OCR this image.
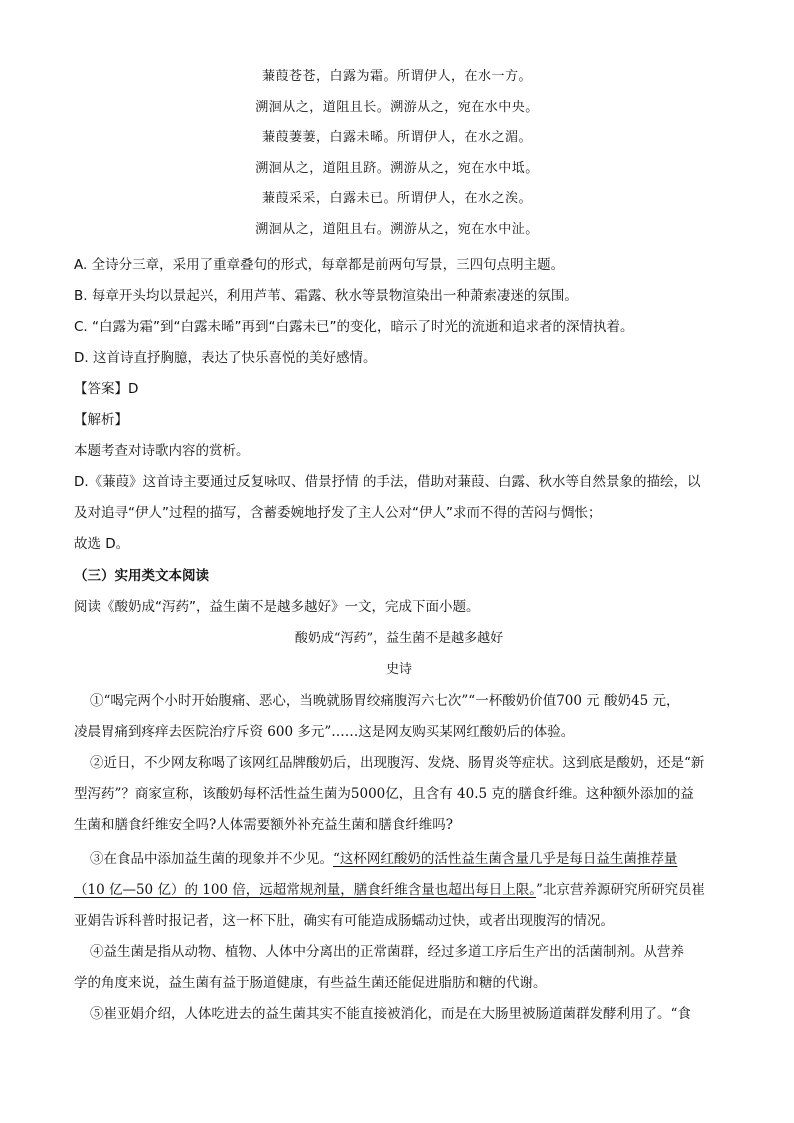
蒹葭苍苍，白露为霜。所谓伊人，在水一方。
溯洄从之，道阻且长。溯游从之，宛在水中央。
蒹葭萋萋，白露未晞。所谓伊人，在水之湄。
溯洄从之，道阻且跻。溯游从之，宛在水中坻。
蒹葭采采，白露未已。所谓伊人，在水之涘。
溯洄从之，道阻且右。溯游从之，宛在水中沚。
A. 全诗分三章，采用了重章叠句的形式，每章都是前两句写景，三四句点明主题。
B. 每章开头均以景起兴，利用芦苇、霜露、秋水等景物渲染出一种萧索凄迷的氛围。
C. “白露为霜”到“白露未晞”再到“白露未已”的变化，暗示了时光的流逝和追求者的深情执着。
D. 这首诗直抒胸臆，表达了快乐喜悦的美好感情。
【答案】D
【解析】
本题考查对诗歌内容的赏析。
D.《蒹葭》这首诗主要通过反复咏叹、借景抒情 的手法，借助对蒹葭、白露、秋水等自然景象的描绘，以
及对追寻“伊人”过程的描写，含蓄委婉地抒发了主人公对“伊人”求而不得的苦闷与惆怅；
故选 D。
（三）实用类文本阅读
阅读《酸奶成“泻药”，益生菌不是越多越好》一文，完成下面小题。
酸奶成“泻药”，益生菌不是越多越好
史诗
①“喝完两个小时开始腹痛、恶心，当晚就肠胃绞痛腹泻六七次”“一杯酸奶价值700 元 酸奶45 元，
凌晨胃痛到疼痒去医院治疗斥资 600 多元”……这是网友购买某网红酸奶后的体验。
②近日，不少网友称喝了该网红品牌酸奶后，出现腹泻、发烧、肠胃炎等症状。这到底是酸奶，还是“新
型泻药”？商家宣称，该酸奶每杯活性益生菌为5000亿，且含有 40.5 克的膳食纤维。这种额外添加的益
生菌和膳食纤维安全吗?人体需要额外补充益生菌和膳食纤维吗?
③在食品中添加益生菌的现象并不少见。“这杯网红酸奶的活性益生菌含量几乎是每日益生菌推荐量
（10 亿—50 亿）的 100 倍，远超常规剂量，膳食纤维含量也超出每日上限。”北京营养源研究所研究员崔
亚娟告诉科普时报记者，这一杯下肚，确实有可能造成肠蠕动过快，或者出现腹泻的情况。
④益生菌是指从动物、植物、人体中分离出的正常菌群，经过多道工序后生产出的活菌制剂。从营养
学的角度来说，益生菌有益于肠道健康，有些益生菌还能促进脂肪和糖的代谢。
⑤崔亚娟介绍，人体吃进去的益生菌其实不能直接被消化，而是在大肠里被肠道菌群发酵利用了。“食
